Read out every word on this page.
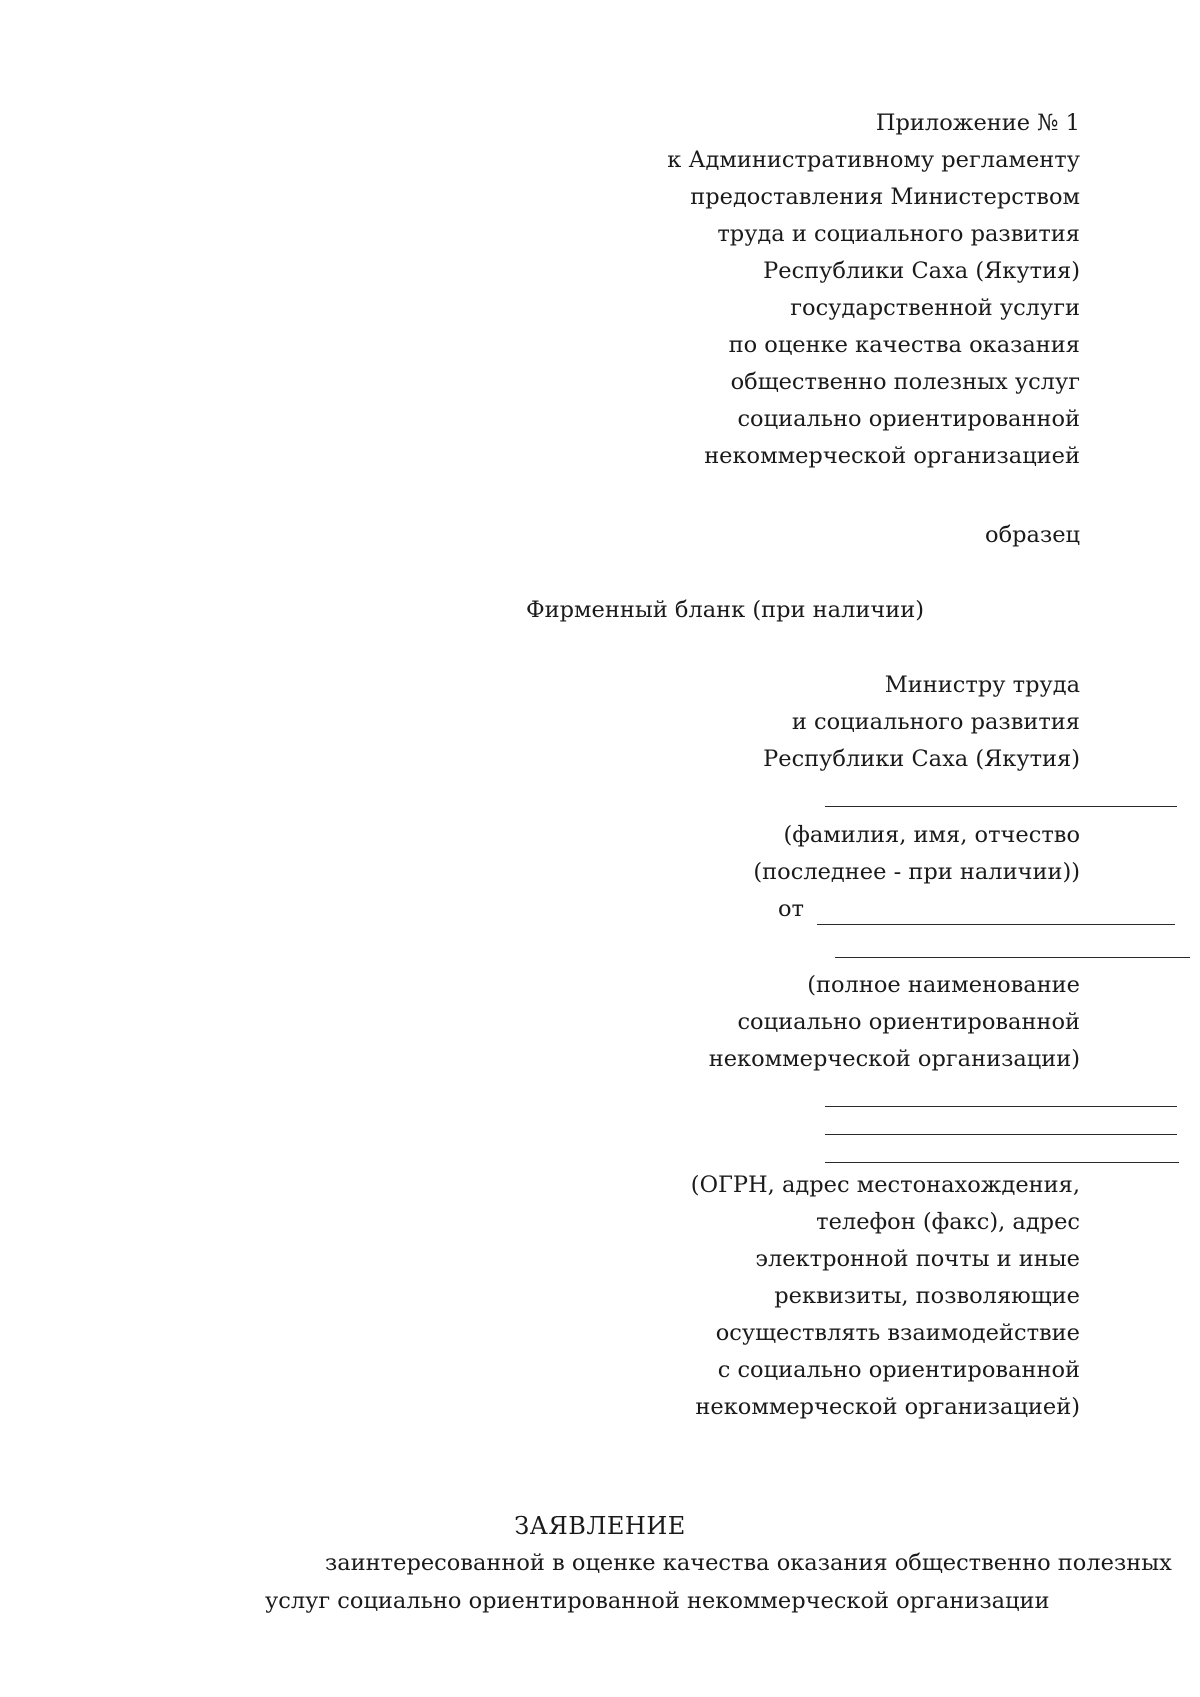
Приложение № 1
к Административному регламенту
предоставления Министерством
труда и социального развития
Республики Саха (Якутия)
государственной услуги
по оценке качества оказания
общественно полезных услуг
социально ориентированной
некоммерческой организацией
образец
Фирменный бланк (при наличии)
Министру труда
и социального развития
Республики Саха (Якутия)
(фамилия, имя, отчество
(последнее - при наличии))
от
(полное наименование
социально ориентированной
некоммерческой организации)
(ОГРН, адрес местонахождения,
телефон (факс), адрес
электронной почты и иные
реквизиты, позволяющие
осуществлять взаимодействие
с социально ориентированной
некоммерческой организацией)
ЗАЯВЛЕНИЕ
заинтересованной в оценке качества оказания общественно полезных
услуг социально ориентированной некоммерческой организации
